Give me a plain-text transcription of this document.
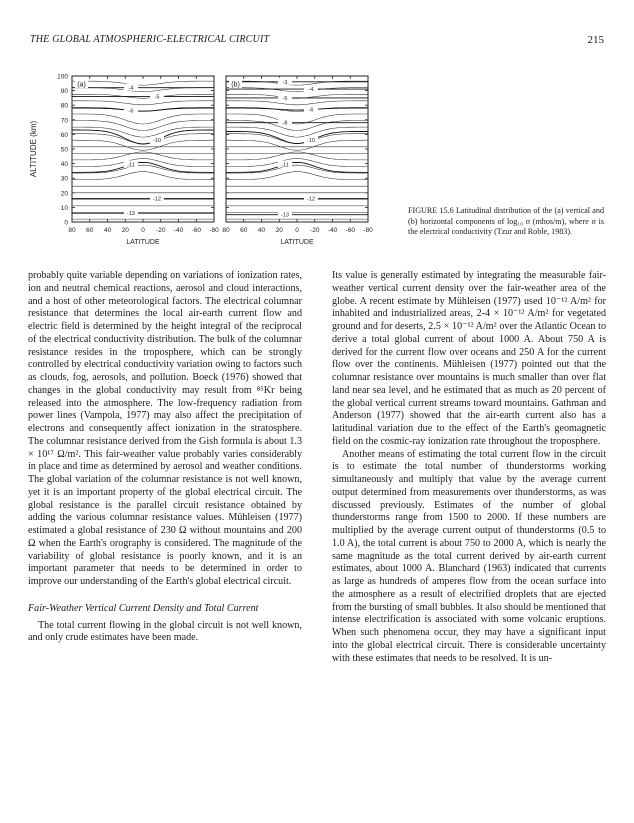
THE GLOBAL ATMOSPHERIC-ELECTRICAL CIRCUIT	215
ALTITUDE (km)
0
10
20
30
40
50
60
70
80
90
100
-4
-5
-6
-10
-11
-12
-13
(a)
80 60 40 20 0 -20 -40 -60 -80
LATITUDE
-3
-4
-5
-6
-8
-10
-11
-12
-13
(b)
80 60 40 20 0 -20 -40 -60 -80
LATITUDE
FIGURE 15.6 Latitudinal distribution of the (a) vertical and (b) horizontal components of log₁₀ σ (mhos/m), where σ is the electrical conductivity (Tzur and Roble, 1983).

probably quite variable depending on variations of ionization rates, ion and neutral chemical reactions, aerosol and cloud interactions, and a host of other meteorological factors. The electrical columnar resistance that determines the local air-earth current flow and electric field is determined by the height integral of the reciprocal of the electrical conductivity distribution. The bulk of the columnar resistance resides in the troposphere, which can be strongly controlled by electrical conductivity variation owing to factors such as clouds, fog, aerosols, and pollution. Boeck (1976) showed that changes in the global conductivity may result from ⁸⁵Kr being released into the atmosphere. The low-frequency radiation from power lines (Vampola, 1977) may also affect the precipitation of electrons and consequently affect ionization in the stratosphere. The columnar resistance derived from the Gish formula is about 1.3 × 10¹⁷ Ω/m². This fair-weather value probably varies considerably in place and time as determined by aerosol and weather conditions. The global variation of the columnar resistance is not well known, yet it is an important property of the global electrical circuit. The global resistance is the parallel circuit resistance obtained by adding the various columnar resistance values. Mühleisen (1977) estimated a global resistance of 230 Ω without mountains and 200 Ω when the Earth's orography is considered. The magnitude of the variability of global resistance is poorly known, and it is an important parameter that needs to be determined in order to improve our understanding of the Earth's global electrical circuit.

Fair-Weather Vertical Current Density and Total Current

The total current flowing in the global circuit is not well known, and only crude estimates have been made.

Its value is generally estimated by integrating the measurable fair-weather vertical current density over the fair-weather area of the globe. A recent estimate by Mühleisen (1977) used 10⁻¹² A/m² for inhabited and industrialized areas, 2-4 × 10⁻¹² A/m² for vegetated ground and for deserts, 2.5 × 10⁻¹² A/m² over the Atlantic Ocean to derive a total global current of about 1000 A. About 750 A is derived for the current flow over oceans and 250 A for the current flow over the continents. Mühleisen (1977) pointed out that the columnar resistance over mountains is much smaller than over flat land near sea level, and he estimated that as much as 20 percent of the global vertical current streams toward mountains. Gathman and Anderson (1977) showed that the air-earth current also has a latitudinal variation due to the effect of the Earth's geomagnetic field on the cosmic-ray ionization rate throughout the troposphere.

Another means of estimating the total current flow in the circuit is to estimate the total number of thunderstorms working simultaneously and multiply that value by the average current output determined from measurements over thunderstorms, as was discussed previously. Estimates of the number of global thunderstorms range from 1500 to 2000. If these numbers are multiplied by the average current output of thunderstorms (0.5 to 1.0 A), the total current is about 750 to 2000 A, which is nearly the same magnitude as the total current derived by air-earth current estimates, about 1000 A. Blanchard (1963) indicated that currents as large as hundreds of amperes flow from the ocean surface into the atmosphere as a result of electrified droplets that are ejected from the bursting of small bubbles. It also should be mentioned that intense electrification is associated with some volcanic eruptions. When such phenomena occur, they may have a significant input into the global electrical circuit. There is considerable uncertainty with these estimates that needs to be resolved. It is un-
